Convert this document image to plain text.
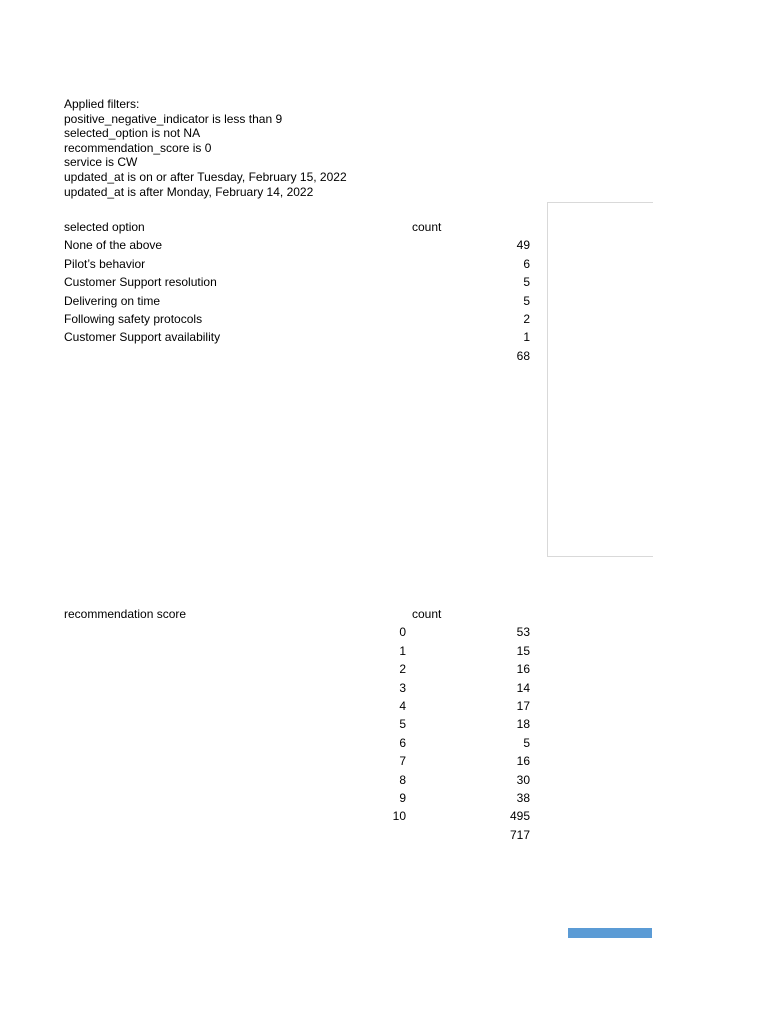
Applied filters:
positive_negative_indicator is less than 9
selected_option is not NA
recommendation_score is 0
service is CW
updated_at is on or after Tuesday, February 15, 2022
updated_at is after Monday, February 14, 2022
selected option	count
None of the above	49
Pilot’s behavior	6
Customer Support resolution	5
Delivering on time	5
Following safety protocols	2
Customer Support availability	1
68
recommendation score	count
0	53
1	15
2	16
3	14
4	17
5	18
6	5
7	16
8	30
9	38
10	495
717
